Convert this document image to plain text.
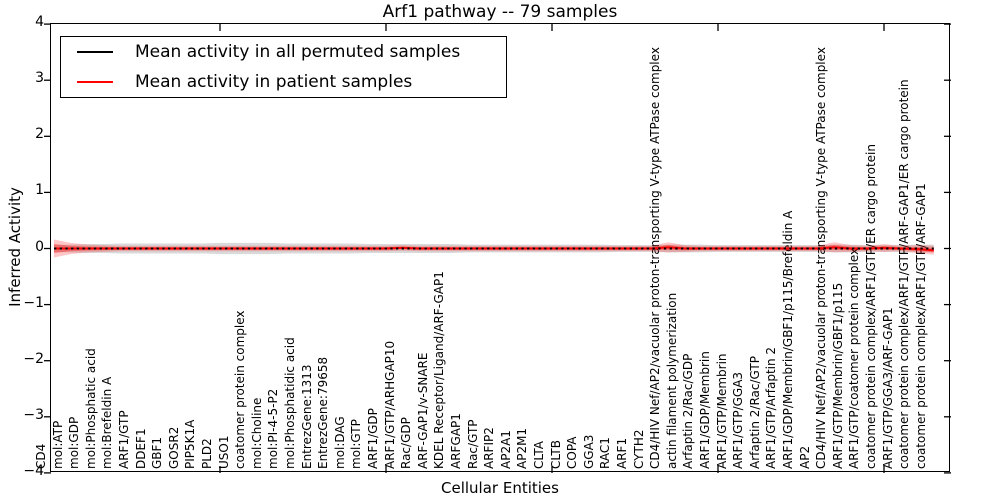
Arf1 pathway -- 79 samples
Inferred Activity
Cellular Entities
Mean activity in all permuted samples
Mean activity in patient samples
4
3
2
1
0
−1
−2
−3
−4
CD4 mol:ATP mol:GDP mol:Phosphatic acid mol:Brefeldin A ARF1/GTP DDEF1 GBF1 GOSR2 PIP5K1A PLD2 USO1 coatomer protein complex mol:Choline mol:PI-4-5-P2 mol:Phosphatidic acid EntrezGene:1313 EntrezGene:79658 mol:DAG mol:GTP ARF1/GDP ARF1/GTP/ARHGAP10 Rac/GDP ARF-GAP1/v-SNARE KDEL Receptor/Ligand/ARF-GAP1 ARFGAP1 Rac/GTP ARFIP2 AP2A1 AP2M1 CLTA CLTB COPA GGA3 RAC1 ARF1 CYTH2 CD4/HIV Nef/AP2/vacuolar proton-transporting V-type ATPase complex actin filament polymerization Arfaptin 2/Rac/GDP ARF1/GDP/Membrin ARF1/GTP/Membrin ARF1/GTP/GGA3 Arfaptin 2/Rac/GTP ARF1/GTP/Arfaptin 2 ARF1/GDP/Membrin/GBF1/p115/Brefeldin A AP2 CD4/HIV Nef/AP2/vacuolar proton-transporting V-type ATPase complex ARF1/GTP/Membrin/GBF1/p115 ARF1/GTP/coatomer protein complex coatomer protein complex/ARF1/GTP/ER cargo protein ARF1/GTP/GGA3/ARF-GAP1 coatomer protein complex/ARF1/GTP/ARF-GAP1/ER cargo protein coatomer protein complex/ARF1/GTP/ARF-GAP1
